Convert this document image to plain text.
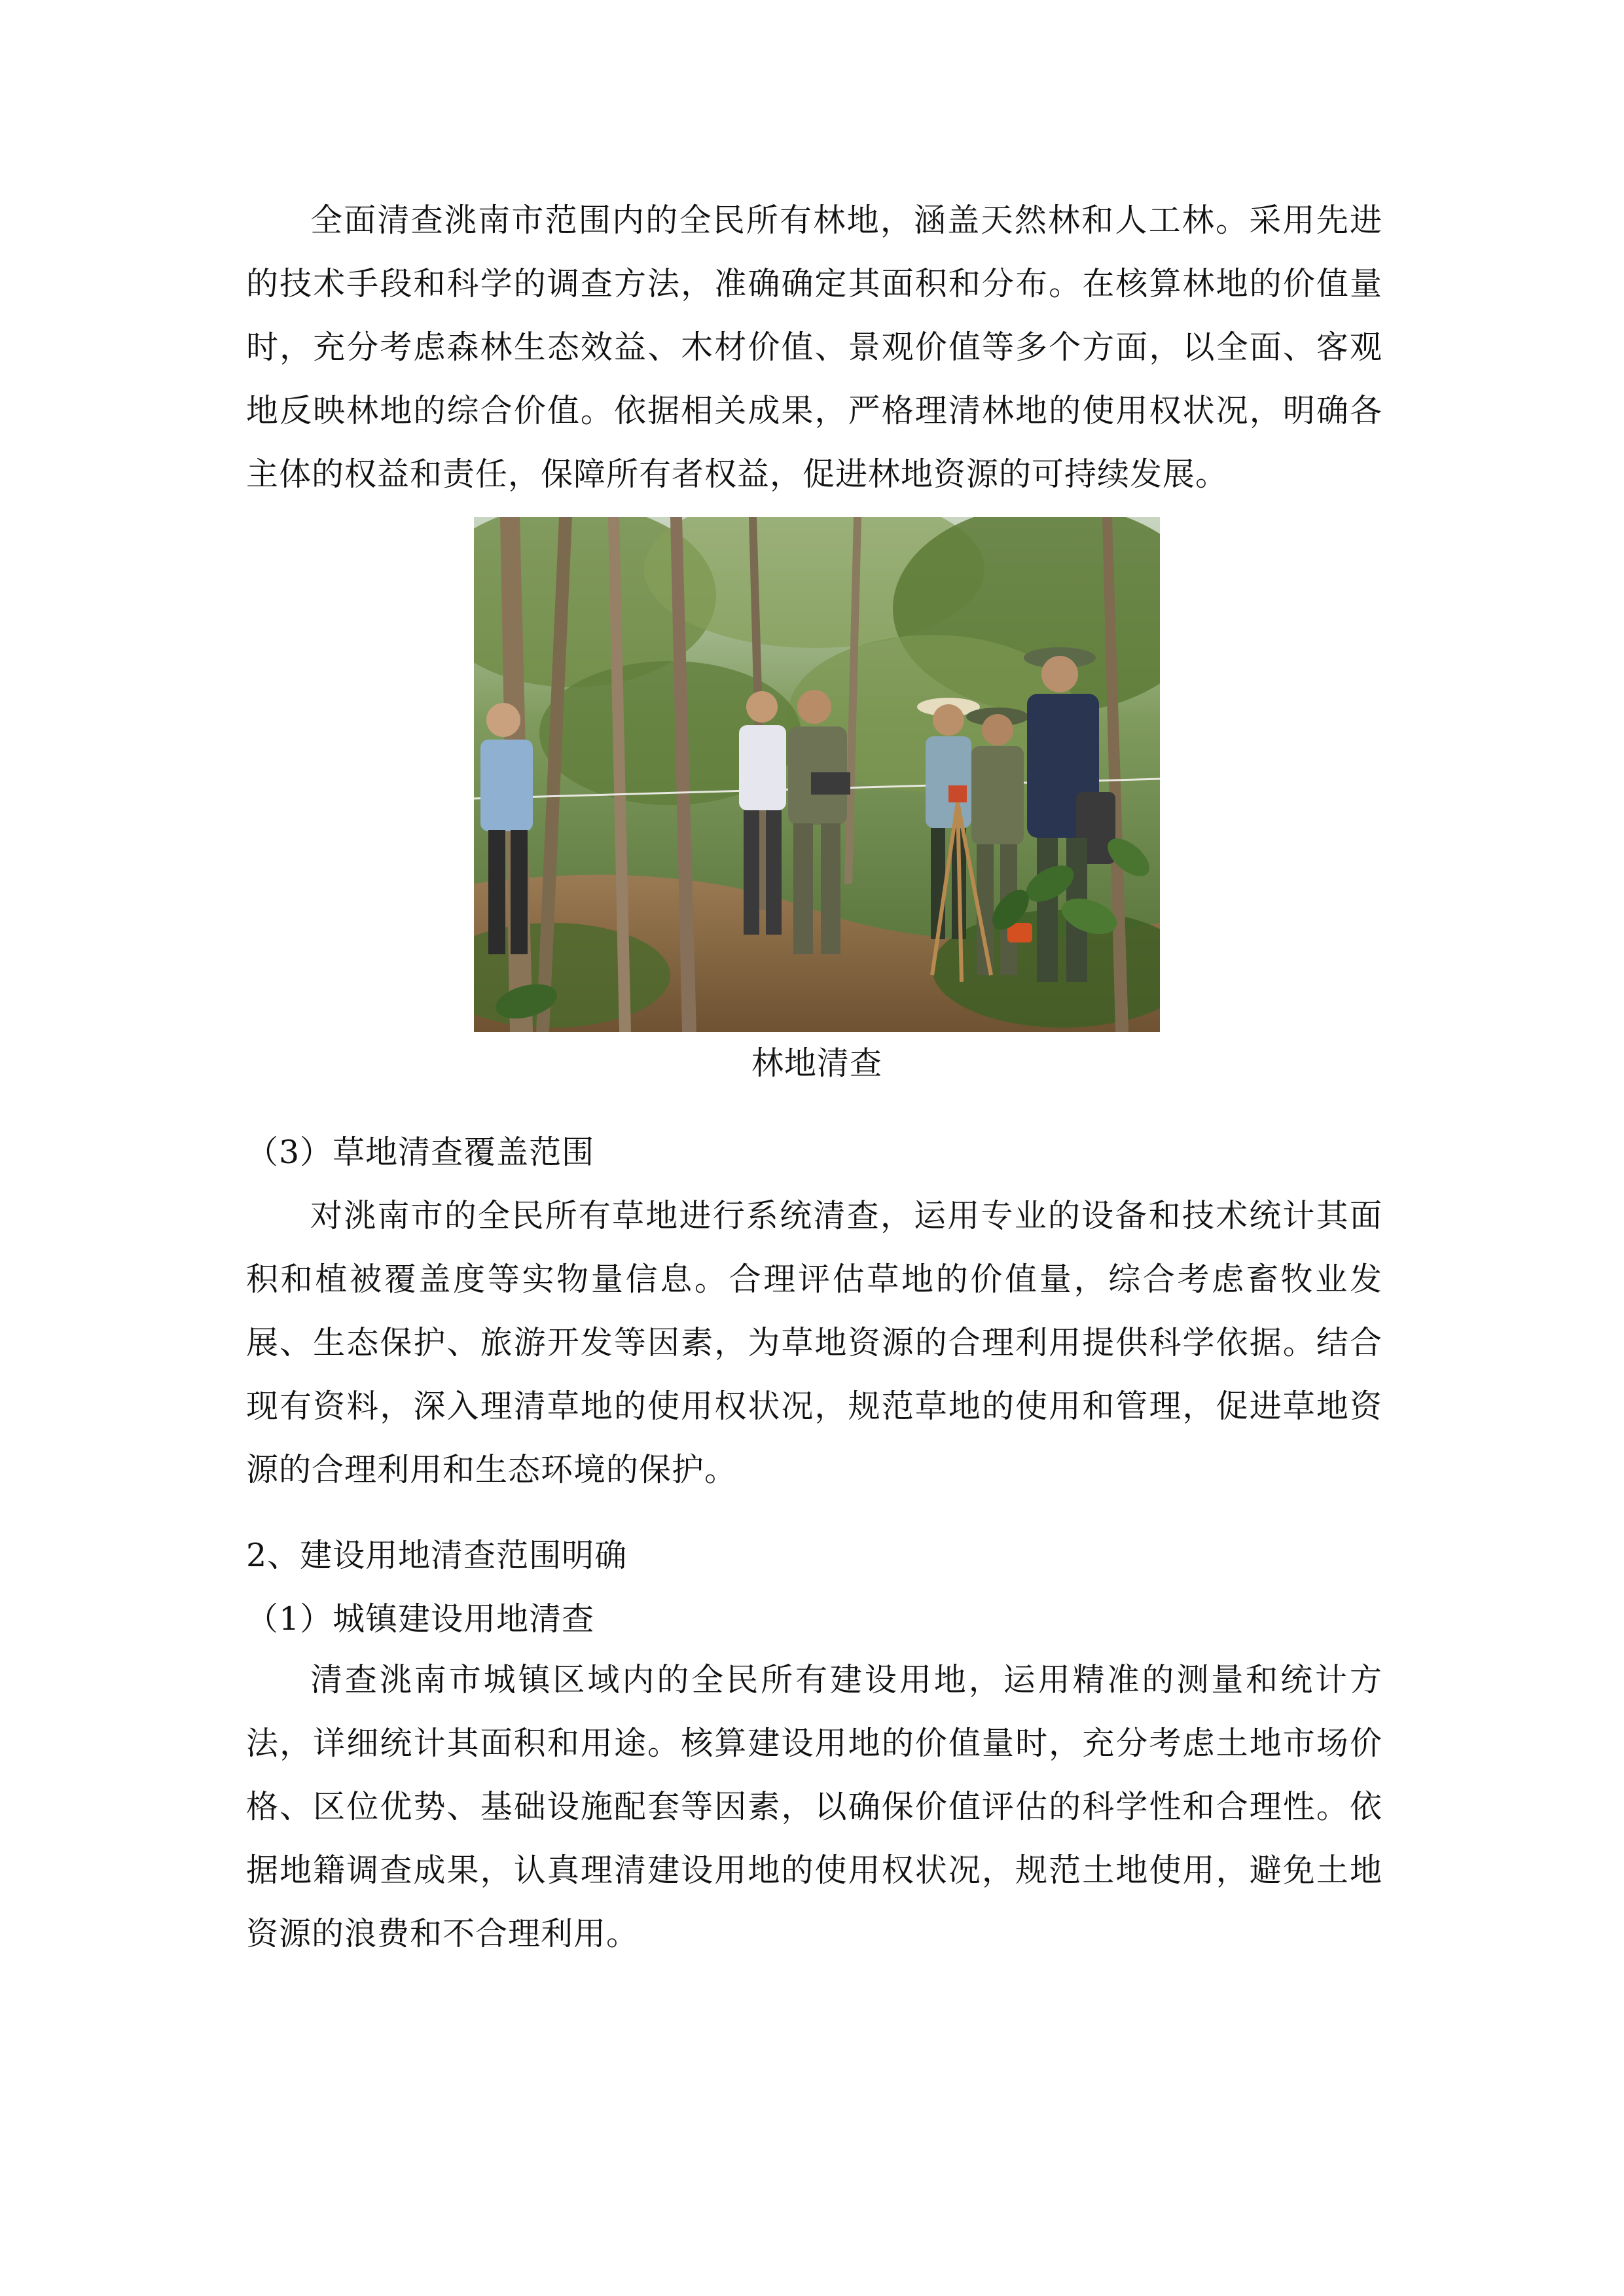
全面清查洮南市范围内的全民所有林地，涵盖天然林和人工林。采用先进的技术手段和科学的调查方法，准确确定其面积和分布。在核算林地的价值量时，充分考虑森林生态效益、木材价值、景观价值等多个方面，以全面、客观地反映林地的综合价值。依据相关成果，严格理清林地的使用权状况，明确各主体的权益和责任，保障所有者权益，促进林地资源的可持续发展。

林地清查

（3）草地清查覆盖范围

对洮南市的全民所有草地进行系统清查，运用专业的设备和技术统计其面积和植被覆盖度等实物量信息。合理评估草地的价值量，综合考虑畜牧业发展、生态保护、旅游开发等因素，为草地资源的合理利用提供科学依据。结合现有资料，深入理清草地的使用权状况，规范草地的使用和管理，促进草地资源的合理利用和生态环境的保护。

2、建设用地清查范围明确

（1）城镇建设用地清查

清查洮南市城镇区域内的全民所有建设用地，运用精准的测量和统计方法，详细统计其面积和用途。核算建设用地的价值量时，充分考虑土地市场价格、区位优势、基础设施配套等因素，以确保价值评估的科学性和合理性。依据地籍调查成果，认真理清建设用地的使用权状况，规范土地使用，避免土地资源的浪费和不合理利用。
